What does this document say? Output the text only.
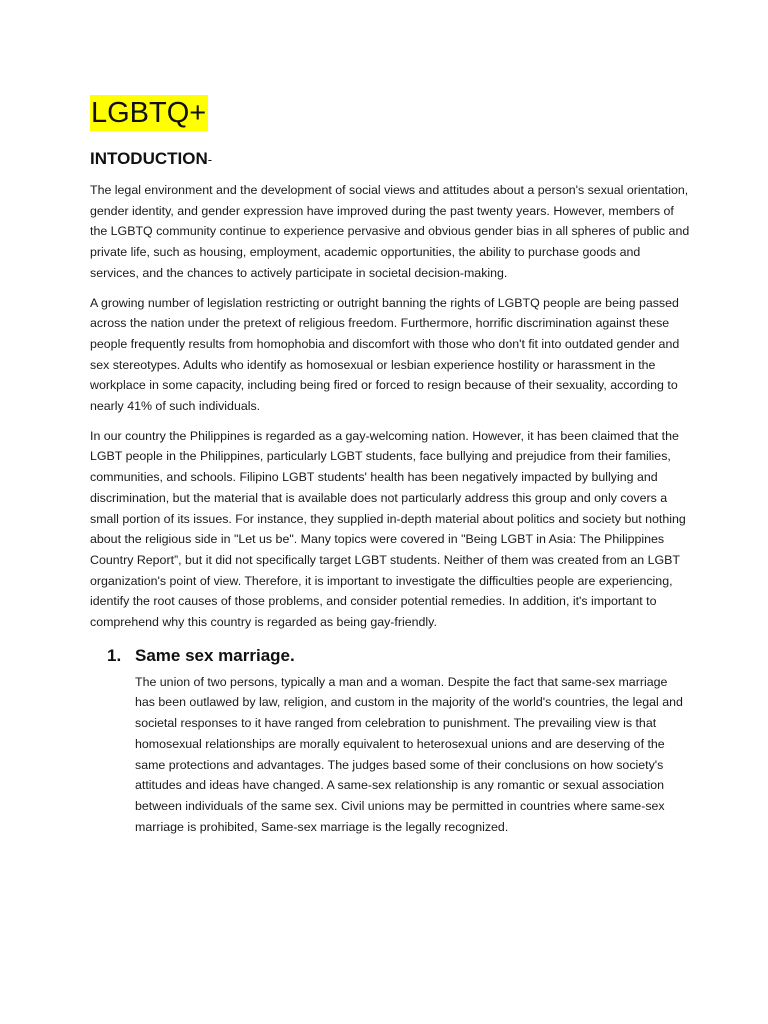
LGBTQ+
INTODUCTION-

The legal environment and the development of social views and attitudes about a person's sexual orientation, gender identity, and gender expression have improved during the past twenty years. However, members of the LGBTQ community continue to experience pervasive and obvious gender bias in all spheres of public and private life, such as housing, employment, academic opportunities, the ability to purchase goods and services, and the chances to actively participate in societal decision-making.

A growing number of legislation restricting or outright banning the rights of LGBTQ people are being passed across the nation under the pretext of religious freedom. Furthermore, horrific discrimination against these people frequently results from homophobia and discomfort with those who don't fit into outdated gender and sex stereotypes. Adults who identify as homosexual or lesbian experience hostility or harassment in the workplace in some capacity, including being fired or forced to resign because of their sexuality, according to nearly 41% of such individuals.

In our country the Philippines is regarded as a gay-welcoming nation. However, it has been claimed that the LGBT people in the Philippines, particularly LGBT students, face bullying and prejudice from their families, communities, and schools. Filipino LGBT students' health has been negatively impacted by bullying and discrimination, but the material that is available does not particularly address this group and only covers a small portion of its issues. For instance, they supplied in-depth material about politics and society but nothing about the religious side in "Let us be". Many topics were covered in "Being LGBT in Asia: The Philippines Country Report”, but it did not specifically target LGBT students. Neither of them was created from an LGBT organization's point of view. Therefore, it is important to investigate the difficulties people are experiencing, identify the root causes of those problems, and consider potential remedies. In addition, it's important to comprehend why this country is regarded as being gay-friendly.

1. Same sex marriage.

The union of two persons, typically a man and a woman. Despite the fact that same-sex marriage has been outlawed by law, religion, and custom in the majority of the world's countries, the legal and societal responses to it have ranged from celebration to punishment. The prevailing view is that homosexual relationships are morally equivalent to heterosexual unions and are deserving of the same protections and advantages. The judges based some of their conclusions on how society's attitudes and ideas have changed. A same-sex relationship is any romantic or sexual association between individuals of the same sex. Civil unions may be permitted in countries where same-sex marriage is prohibited, Same-sex marriage is the legally recognized.
